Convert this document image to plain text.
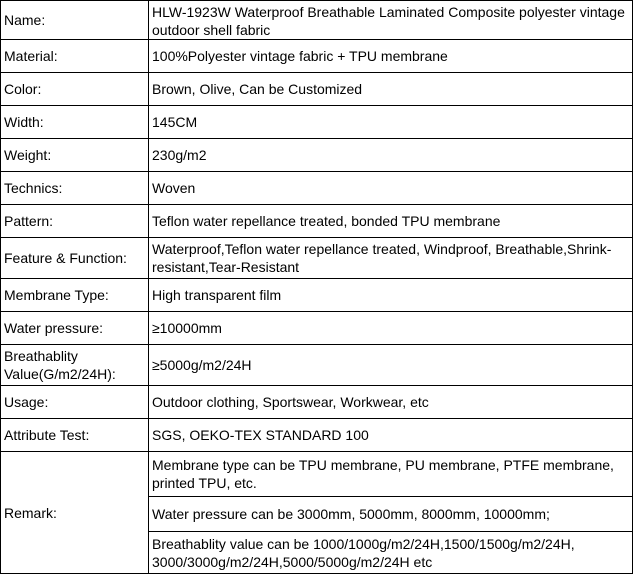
Name:	HLW-1923W Waterproof Breathable Laminated Composite polyester vintage outdoor shell fabric
Material:	100%Polyester vintage fabric + TPU membrane
Color:	Brown, Olive, Can be Customized
Width:	145CM
Weight:	230g/m2
Technics:	Woven
Pattern:	Teflon water repellance treated, bonded TPU membrane
Feature & Function:	Waterproof,Teflon water repellance treated, Windproof, Breathable,Shrink-resistant,Tear-Resistant
Membrane Type:	High transparent film
Water pressure:	≥10000mm
Breathablity Value(G/m2/24H):	≥5000g/m2/24H
Usage:	Outdoor clothing, Sportswear, Workwear, etc
Attribute Test:	SGS, OEKO-TEX STANDARD 100
Remark:	Membrane type can be TPU membrane, PU membrane, PTFE membrane, printed TPU, etc.
	Water pressure can be 3000mm, 5000mm, 8000mm, 10000mm;
	Breathablity value can be 1000/1000g/m2/24H,1500/1500g/m2/24H, 3000/3000g/m2/24H,5000/5000g/m2/24H etc
